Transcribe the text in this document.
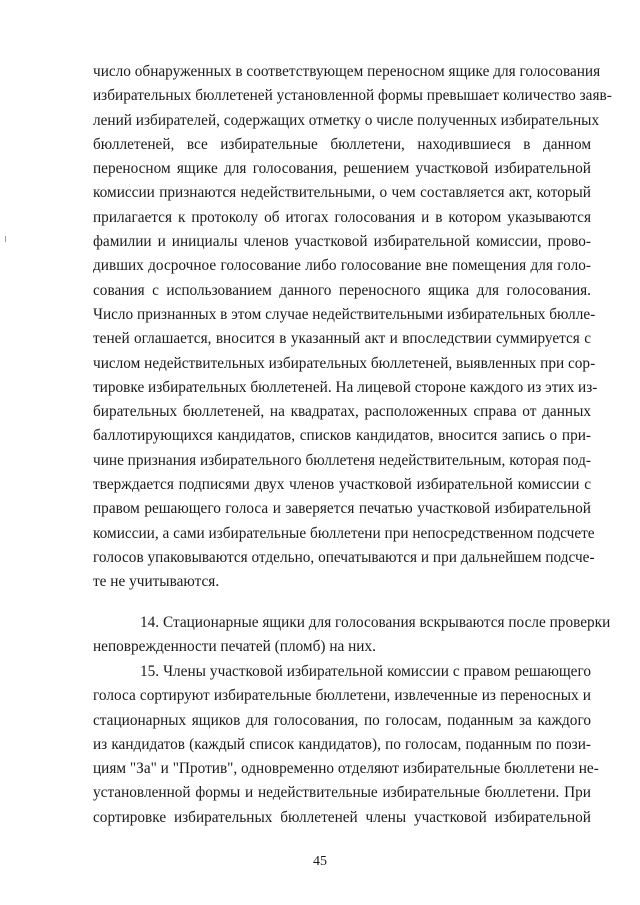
число обнаруженных в соответствующем переносном ящике для голосования
избирательных бюллетеней установленной формы превышает количество заяв-
лений избирателей, содержащих отметку о числе полученных избирательных
бюллетеней, все избирательные бюллетени, находившиеся в данном
переносном ящике для голосования, решением участковой избирательной
комиссии признаются недействительными, о чем составляется акт, который
прилагается к протоколу об итогах голосования и в котором указываются
фамилии и инициалы членов участковой избирательной комиссии, прово-
дивших досрочное голосование либо голосование вне помещения для голо-
сования с использованием данного переносного ящика для голосования.
Число признанных в этом случае недействительными избирательных бюлле-
теней оглашается, вносится в указанный акт и впоследствии суммируется с
числом недействительных избирательных бюллетеней, выявленных при сор-
тировке избирательных бюллетеней. На лицевой стороне каждого из этих из-
бирательных бюллетеней, на квадратах, расположенных справа от данных
баллотирующихся кандидатов, списков кандидатов, вносится запись о при-
чине признания избирательного бюллетеня недействительным, которая под-
тверждается подписями двух членов участковой избирательной комиссии с
правом решающего голоса и заверяется печатью участковой избирательной
комиссии, а сами избирательные бюллетени при непосредственном подсчете
голосов упаковываются отдельно, опечатываются и при дальнейшем подсче-
те не учитываются.
14. Стационарные ящики для голосования вскрываются после проверки
неповрежденности печатей (пломб) на них.
15. Члены участковой избирательной комиссии с правом решающего
голоса сортируют избирательные бюллетени, извлеченные из переносных и
стационарных ящиков для голосования, по голосам, поданным за каждого
из кандидатов (каждый список кандидатов), по голосам, поданным по пози-
циям "За" и "Против", одновременно отделяют избирательные бюллетени не-
установленной формы и недействительные избирательные бюллетени. При
сортировке избирательных бюллетеней члены участковой избирательной
45
